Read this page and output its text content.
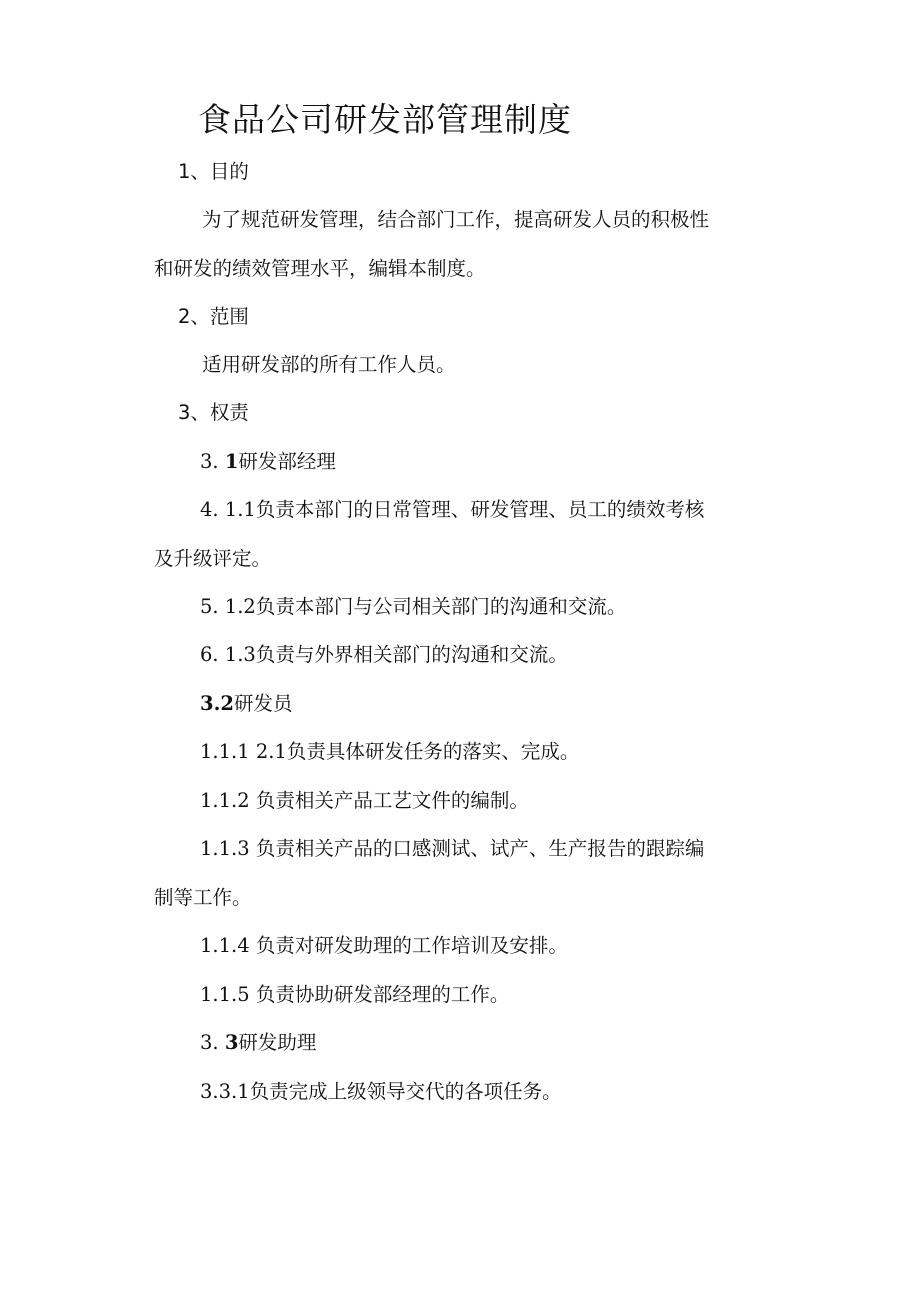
食品公司研发部管理制度
1、目的
为了规范研发管理，结合部门工作，提高研发人员的积极性
和研发的绩效管理水平，编辑本制度。
2、范围
适用研发部的所有工作人员。
3、权责
3. 1研发部经理
4. 1.1负责本部门的日常管理、研发管理、员工的绩效考核
及升级评定。
5. 1.2负责本部门与公司相关部门的沟通和交流。
6. 1.3负责与外界相关部门的沟通和交流。
3.2研发员
1.1.1 2.1负责具体研发任务的落实、完成。
1.1.2 负责相关产品工艺文件的编制。
1.1.3 负责相关产品的口感测试、试产、生产报告的跟踪编
制等工作。
1.1.4 负责对研发助理的工作培训及安排。
1.1.5 负责协助研发部经理的工作。
3. 3研发助理
3.3.1负责完成上级领导交代的各项任务。
